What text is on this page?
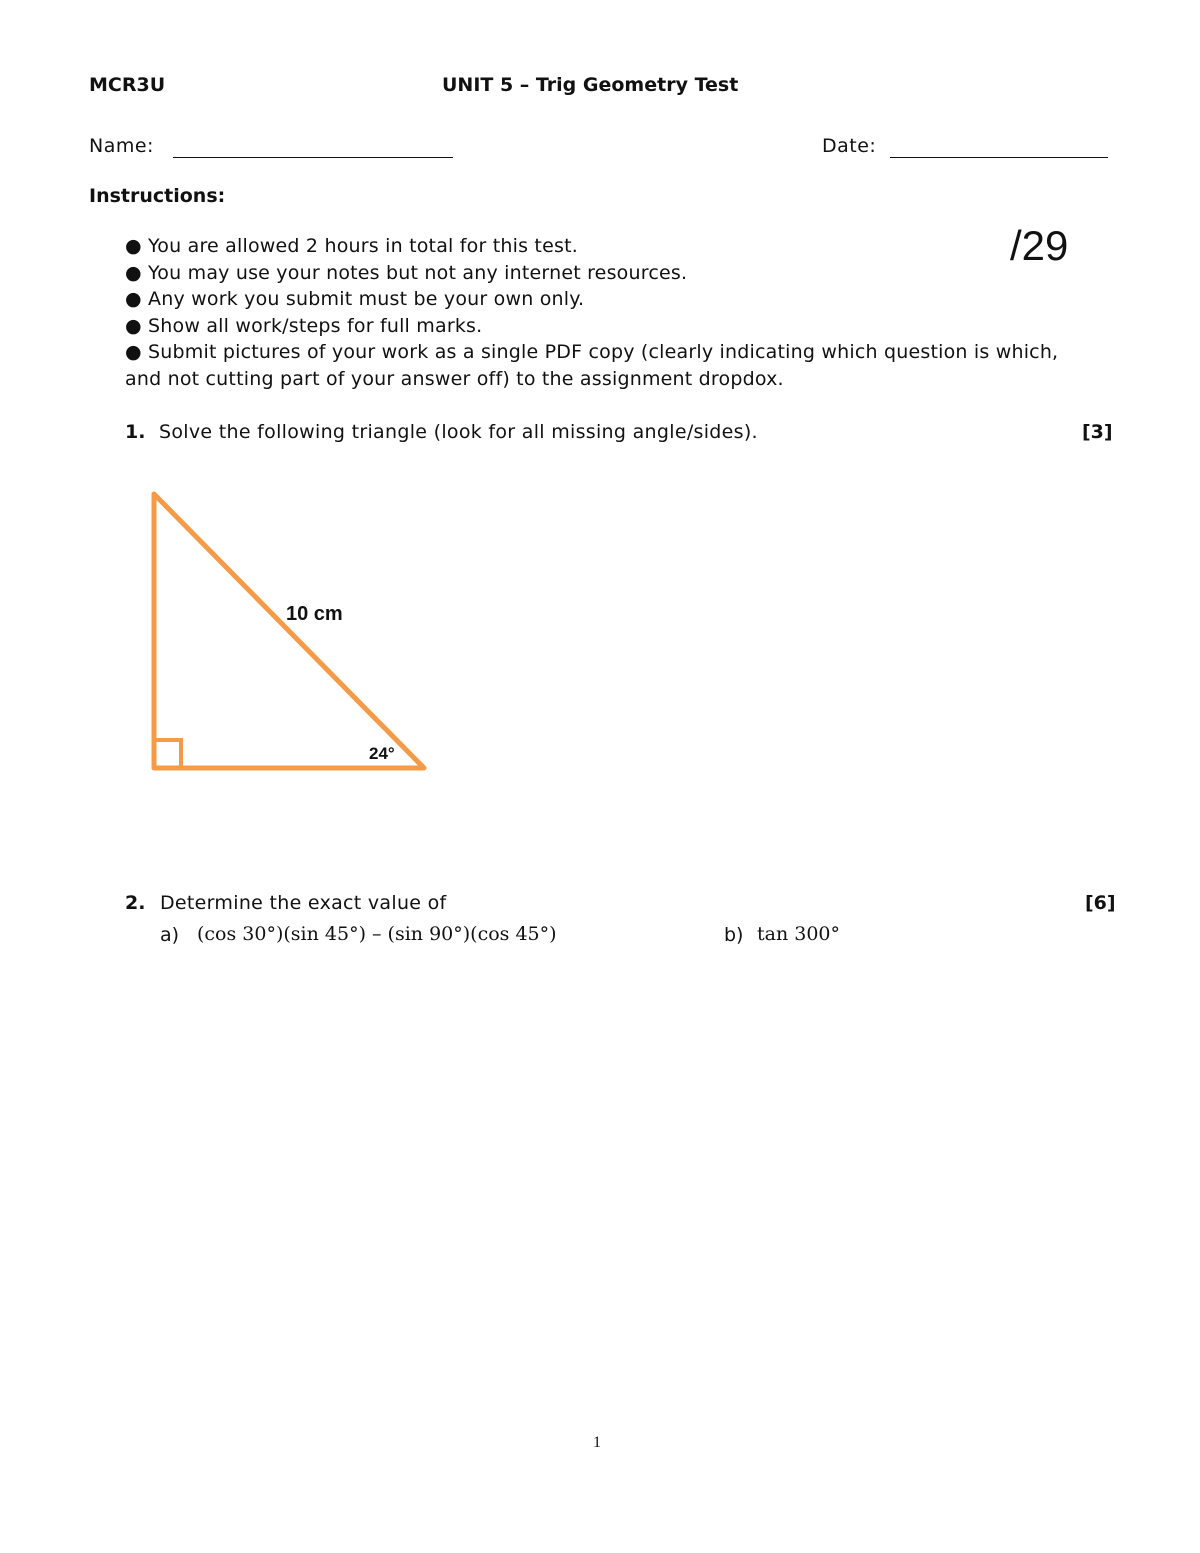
MCR3U	UNIT 5 – Trig Geometry Test
Name:	Date:
Instructions:
/29
● You are allowed 2 hours in total for this test.
● You may use your notes but not any internet resources.
● Any work you submit must be your own only.
● Show all work/steps for full marks.
● Submit pictures of your work as a single PDF copy (clearly indicating which question is which,
and not cutting part of your answer off) to the assignment dropdox.
1. Solve the following triangle (look for all missing angle/sides).	[3]
10 cm
24°
2. Determine the exact value of	[6]
a) (cos 30°)(sin 45°) – (sin 90°)(cos 45°)	b) tan 300°
1
